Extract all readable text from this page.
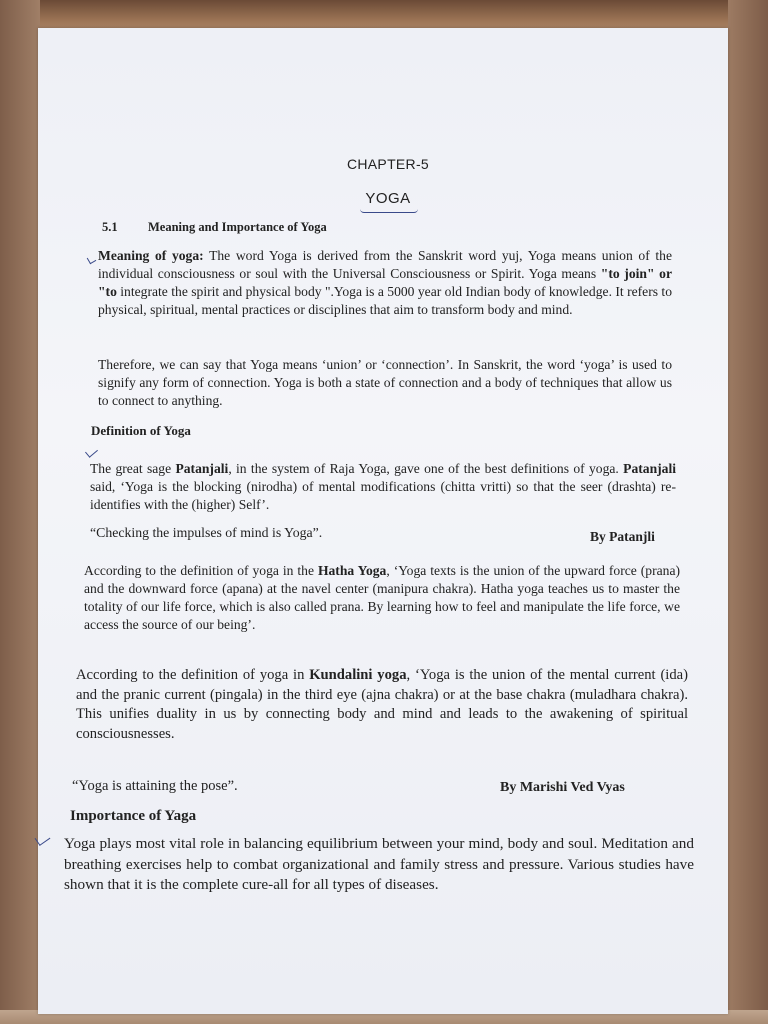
CHAPTER-5
YOGA
5.1 Meaning and Importance of Yoga
Meaning of yoga: The word Yoga is derived from the Sanskrit word yuj, Yoga means union of the individual consciousness or soul with the Universal Consciousness or Spirit. Yoga means "to join" or "to integrate the spirit and physical body ".Yoga is a 5000 year old Indian body of knowledge. It refers to physical, spiritual, mental practices or disciplines that aim to transform body and mind.
Therefore, we can say that Yoga means ‘union’ or ‘connection’. In Sanskrit, the word ‘yoga’ is used to signify any form of connection. Yoga is both a state of connection and a body of techniques that allow us to connect to anything.
Definition of Yoga
The great sage Patanjali, in the system of Raja Yoga, gave one of the best definitions of yoga. Patanjali said, ‘Yoga is the blocking (nirodha) of mental modifications (chitta vritti) so that the seer (drashta) re-identifies with the (higher) Self’.
“Checking the impulses of mind is Yoga”.	By Patanjli
According to the definition of yoga in the Hatha Yoga, ‘Yoga texts is the union of the upward force (prana) and the downward force (apana) at the navel center (manipura chakra). Hatha yoga teaches us to master the totality of our life force, which is also called prana. By learning how to feel and manipulate the life force, we access the source of our being’.
According to the definition of yoga in Kundalini yoga, ‘Yoga is the union of the mental current (ida) and the pranic current (pingala) in the third eye (ajna chakra) or at the base chakra (muladhara chakra). This unifies duality in us by connecting body and mind and leads to the awakening of spiritual consciousnesses.
“Yoga is attaining the pose”.	By Marishi Ved Vyas
Importance of Yaga
Yoga plays most vital role in balancing equilibrium between your mind, body and soul. Meditation and breathing exercises help to combat organizational and family stress and pressure. Various studies have shown that it is the complete cure-all for all types of diseases.
